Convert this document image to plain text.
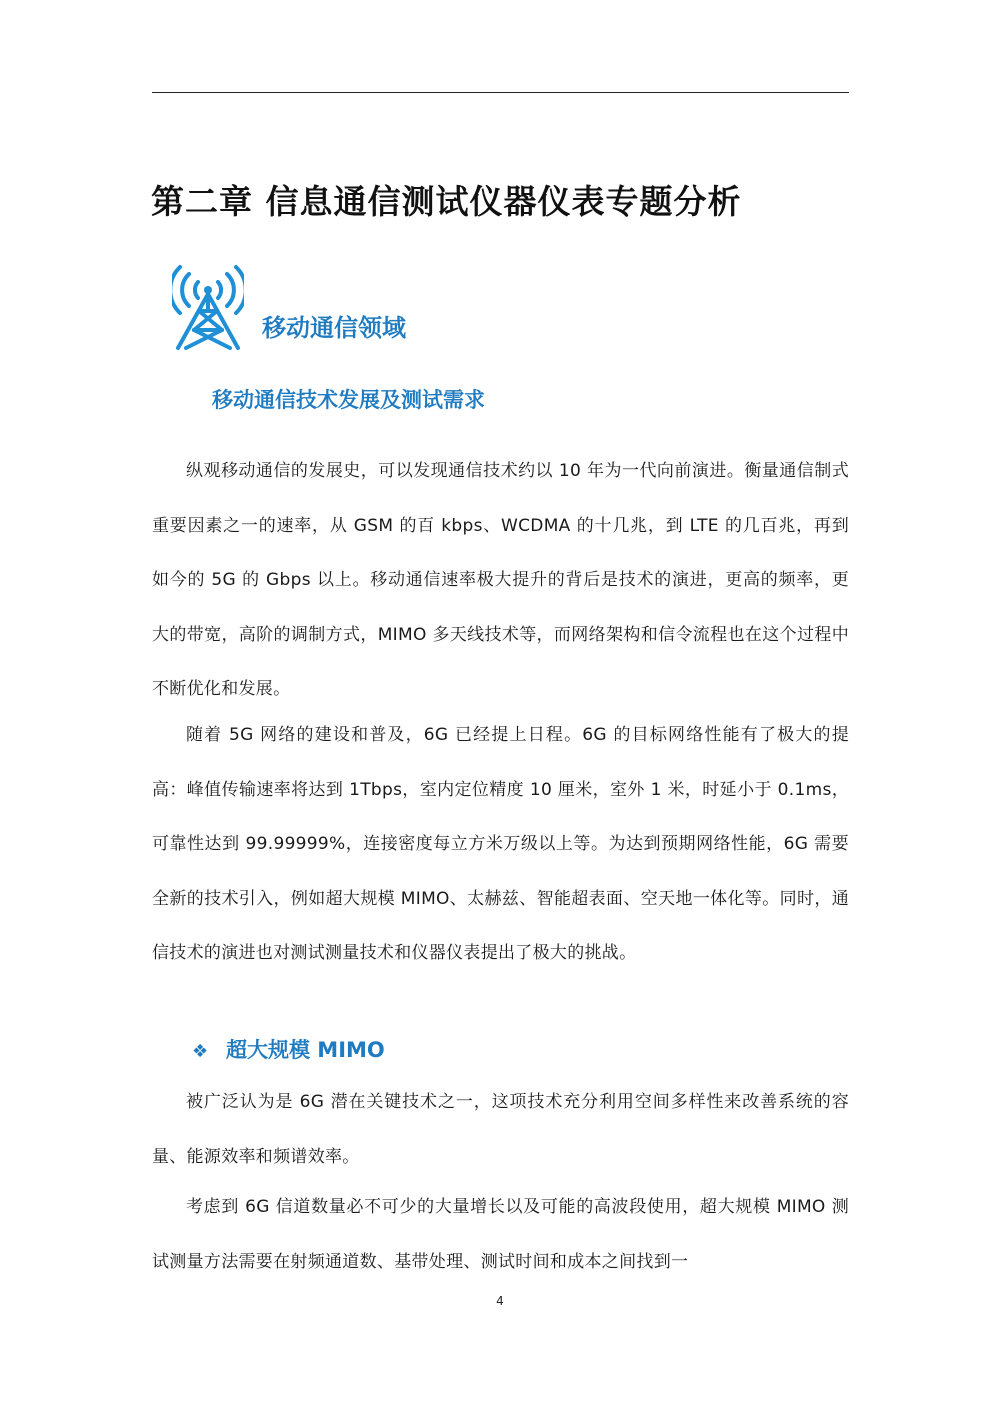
第二章 信息通信测试仪器仪表专题分析
移动通信领域
移动通信技术发展及测试需求

纵观移动通信的发展史，可以发现通信技术约以 10 年为一代向前演进。衡量通信制式重要因素之一的速率，从 GSM 的百 kbps、WCDMA 的十几兆，到 LTE 的几百兆，再到如今的 5G 的 Gbps 以上。移动通信速率极大提升的背后是技术的演进，更高的频率，更大的带宽，高阶的调制方式，MIMO 多天线技术等，而网络架构和信令流程也在这个过程中不断优化和发展。

随着 5G 网络的建设和普及，6G 已经提上日程。6G 的目标网络性能有了极大的提高：峰值传输速率将达到 1Tbps，室内定位精度 10 厘米，室外 1 米，时延小于 0.1ms，可靠性达到 99.99999%，连接密度每立方米万级以上等。为达到预期网络性能，6G 需要全新的技术引入，例如超大规模 MIMO、太赫兹、智能超表面、空天地一体化等。同时，通信技术的演进也对测试测量技术和仪器仪表提出了极大的挑战。

❖ 超大规模 MIMO

被广泛认为是 6G 潜在关键技术之一，这项技术充分利用空间多样性来改善系统的容量、能源效率和频谱效率。

考虑到 6G 信道数量必不可少的大量增长以及可能的高波段使用，超大规模 MIMO 测试测量方法需要在射频通道数、基带处理、测试时间和成本之间找到一

4
